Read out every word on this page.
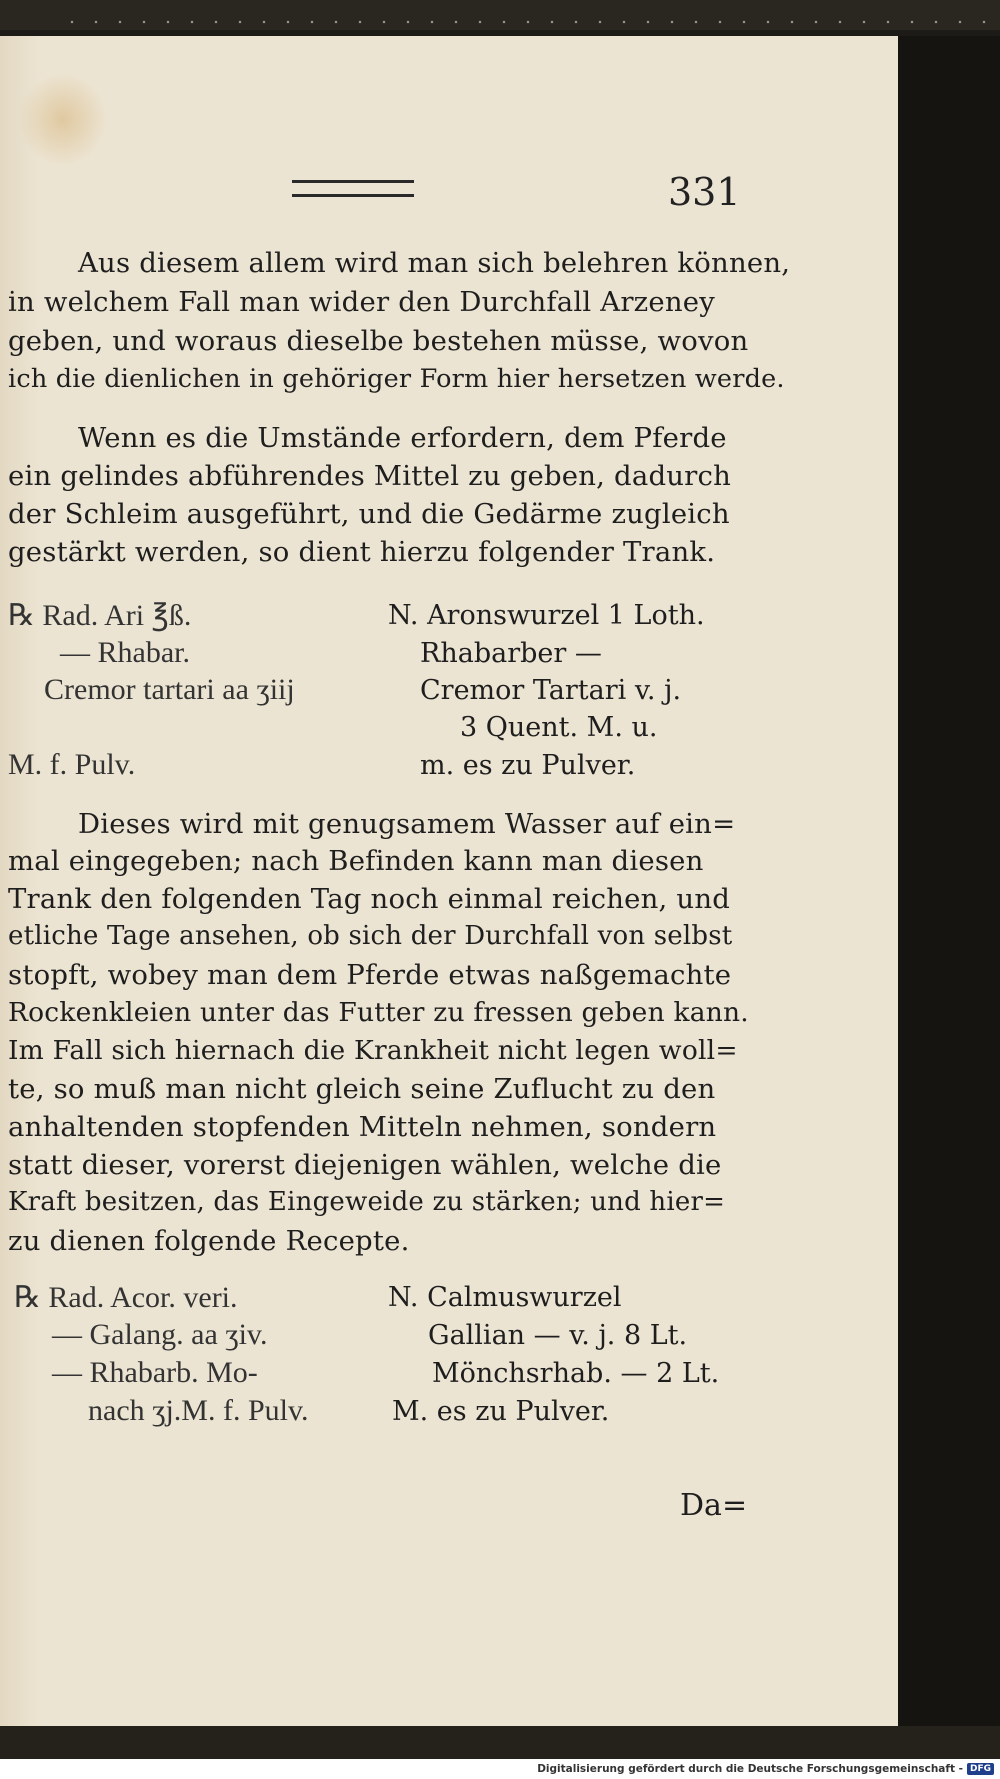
331
Aus diesem allem wird man sich belehren können,
in welchem Fall man wider den Durchfall Arzeney
geben, und woraus dieselbe bestehen müsse, wovon
ich die dienlichen in gehöriger Form hier hersetzen werde.
Wenn es die Umstände erfordern, dem Pferde
ein gelindes abführendes Mittel zu geben, dadurch
der Schleim ausgeführt, und die Gedärme zugleich
gestärkt werden, so dient hierzu folgender Trank.
℞ Rad. Ari ℥ß.
— Rhabar.
Cremor tartari aa ʒiij
M. f. Pulv.
N. Aronswurzel 1 Loth.
Rhabarber —
Cremor Tartari v. j.
3 Quent. M. u.
m. es zu Pulver.
Dieses wird mit genugsamem Wasser auf ein=
mal eingegeben; nach Befinden kann man diesen
Trank den folgenden Tag noch einmal reichen, und
etliche Tage ansehen, ob sich der Durchfall von selbst
stopft, wobey man dem Pferde etwas naßgemachte
Rockenkleien unter das Futter zu fressen geben kann.
Im Fall sich hiernach die Krankheit nicht legen woll=
te, so muß man nicht gleich seine Zuflucht zu den
anhaltenden stopfenden Mitteln nehmen, sondern
statt dieser, vorerst diejenigen wählen, welche die
Kraft besitzen, das Eingeweide zu stärken; und hier=
zu dienen folgende Recepte.
℞ Rad. Acor. veri.
— Galang. aa ʒiv.
— Rhabarb. Mo-
nach ʒj.M. f. Pulv.
N. Calmuswurzel
Gallian — v. j. 8 Lt.
Mönchsrhab. — 2 Lt.
M. es zu Pulver.
Da=
Digitalisierung gefördert durch die Deutsche Forschungsgemeinschaft - DFG
